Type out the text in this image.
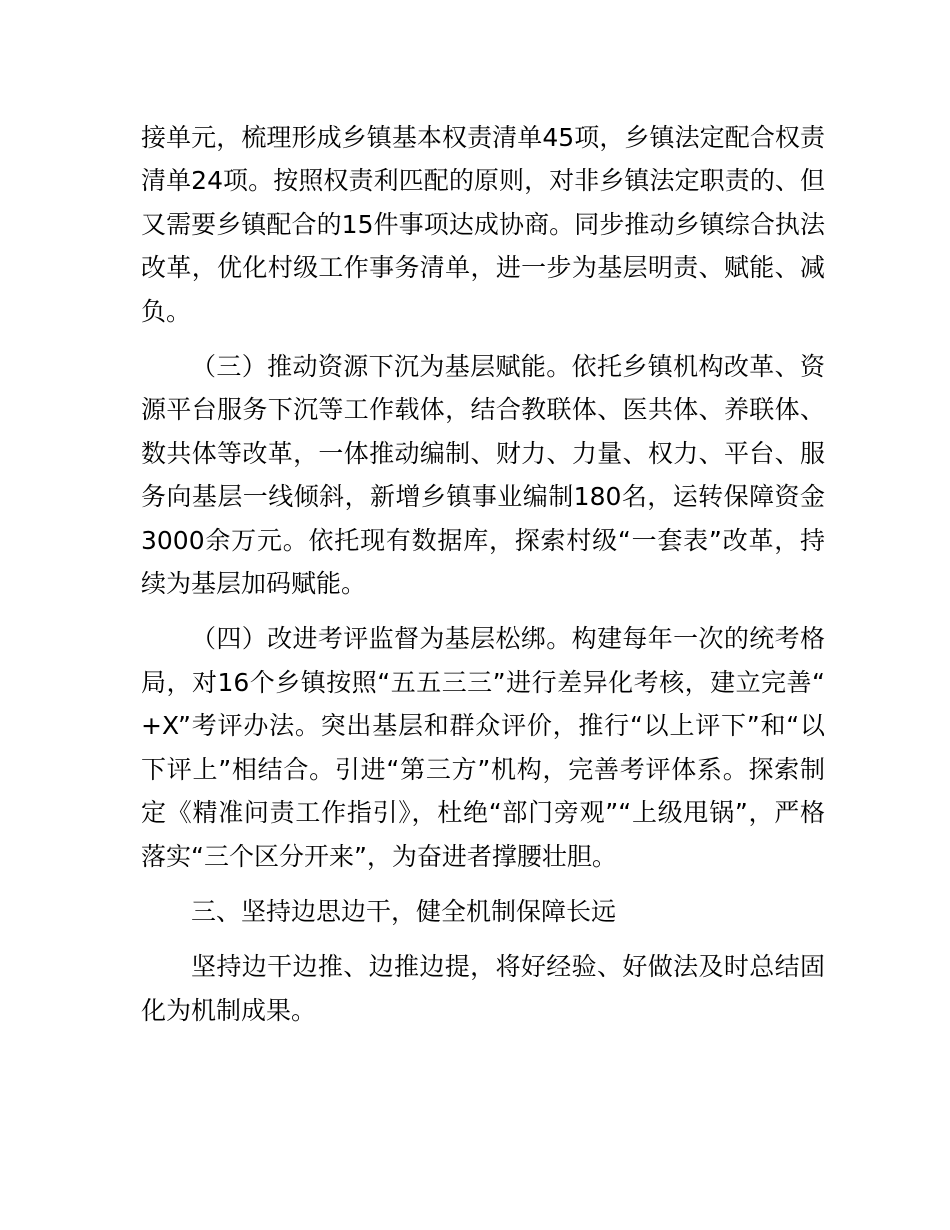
接单元，梳理形成乡镇基本权责清单45项，乡镇法定配合权责清单24项。按照权责利匹配的原则，对非乡镇法定职责的、但又需要乡镇配合的15件事项达成协商。同步推动乡镇综合执法改革，优化村级工作事务清单，进一步为基层明责、赋能、减负。

（三）推动资源下沉为基层赋能。依托乡镇机构改革、资源平台服务下沉等工作载体，结合教联体、医共体、养联体、数共体等改革，一体推动编制、财力、力量、权力、平台、服务向基层一线倾斜，新增乡镇事业编制180名，运转保障资金3000余万元。依托现有数据库，探索村级“一套表”改革，持续为基层加码赋能。

（四）改进考评监督为基层松绑。构建每年一次的统考格局，对16个乡镇按照“五五三三”进行差异化考核，建立完善“+X”考评办法。突出基层和群众评价，推行“以上评下”和“以下评上”相结合。引进“第三方”机构，完善考评体系。探索制定《精准问责工作指引》，杜绝“部门旁观”“上级甩锅”，严格落实“三个区分开来”，为奋进者撑腰壮胆。

三、坚持边思边干，健全机制保障长远

坚持边干边推、边推边提，将好经验、好做法及时总结固化为机制成果。
